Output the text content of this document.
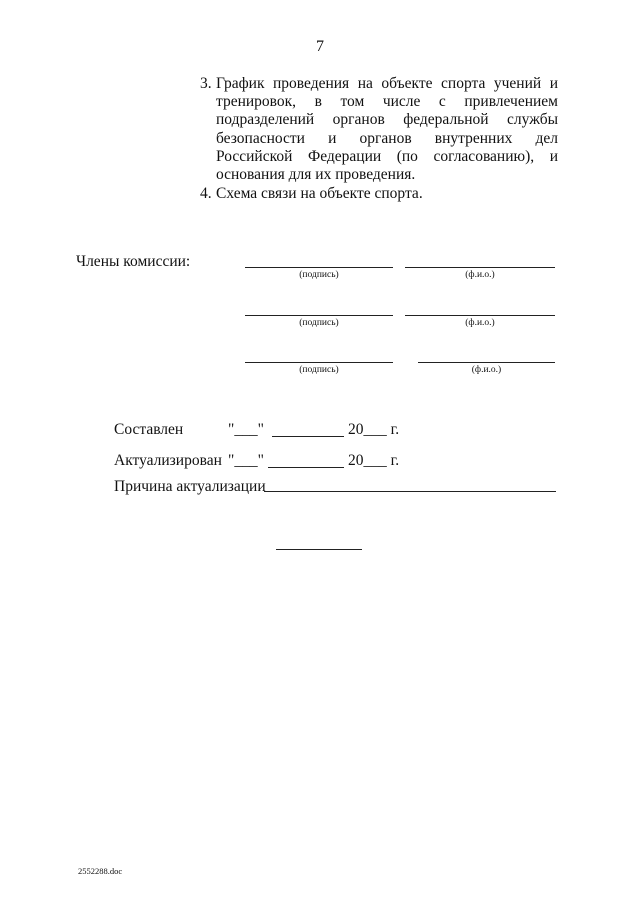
7
3. График проведения на объекте спорта учений и тренировок, в том числе с привлечением подразделений органов федеральной службы безопасности и органов внутренних дел Российской Федерации (по согласованию), и основания для их проведения.
4. Схема связи на объекте спорта.
Члены комиссии:
(подпись)	(ф.и.о.)
(подпись)	(ф.и.о.)
(подпись)	(ф.и.о.)
Составлен	"___"	20___ г.
Актуализирован "___"	20___ г.
Причина актуализации
2552288.doc
